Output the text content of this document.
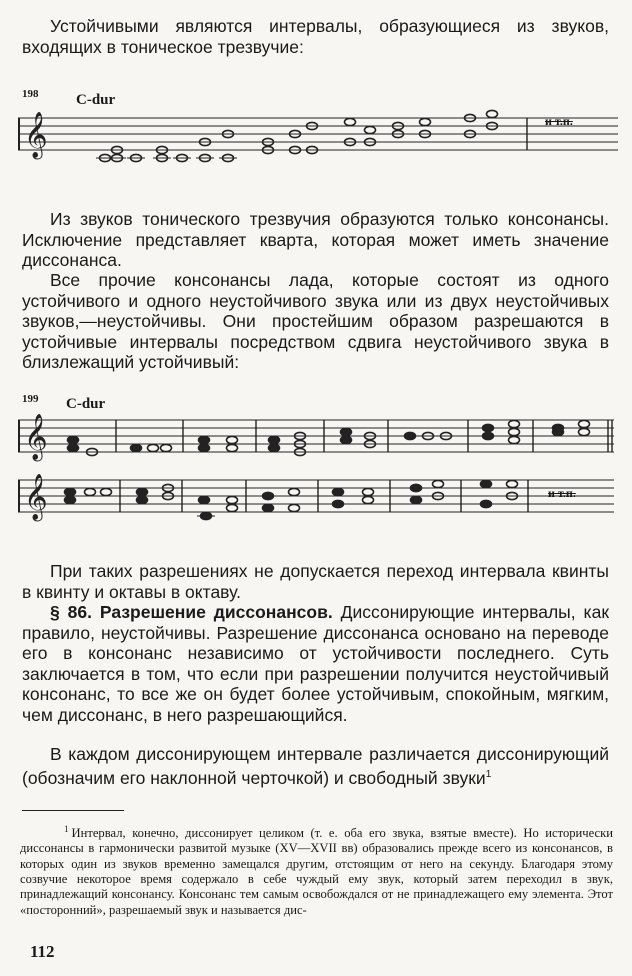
Устойчивыми являются интервалы, образующиеся из звуков, входящих в тоническое трезвучие:

198	C-dur
𝄞	и т.п.

Из звуков тонического трезвучия образуются только консонансы. Исключение представляет кварта, которая может иметь значение диссонанса.

Все прочие консонансы лада, которые состоят из одного устойчивого и одного неустойчивого звука или из двух неустойчивых звуков,—неустойчивы. Они простейшим образом разрешаются в устойчивые интервалы посредством сдвига неустойчивого звука в близлежащий устойчивый:

199 C-dur
𝄞
𝄞	и т.п.

При таких разрешениях не допускается переход интервала квинты в квинту и октавы в октаву.

§ 86. Разрешение диссонансов. Диссонирующие интервалы, как правило, неустойчивы. Разрешение диссонанса основано на переводе его в консонанс независимо от устойчивости последнего. Суть заключается в том, что если при разрешении получится неустойчивый консонанс, то все же он будет более устойчивым, спокойным, мягким, чем диссонанс, в него разрешающийся.

В каждом диссонирующем интервале различается диссонирующий (обозначим его наклонной черточкой) и свободный звуки$^1$

$^1$ Интервал, конечно, диссонирует целиком (т. е. оба его звука, взятые вместе). Но исторически диссонансы в гармонически развитой музыке (XV—XVII вв) образовались прежде всего из консонансов, в которых один из звуков временно замещался другим, отстоящим от него на секунду. Благодаря этому созвучие некоторое время содержало в себе чуждый ему звук, который затем переходил в звук, принадлежащий консонансу. Консонанс тем самым освобождался от не принадлежащего ему элемента. Этот «посторонний», разрешаемый звук и называется дис-

112
